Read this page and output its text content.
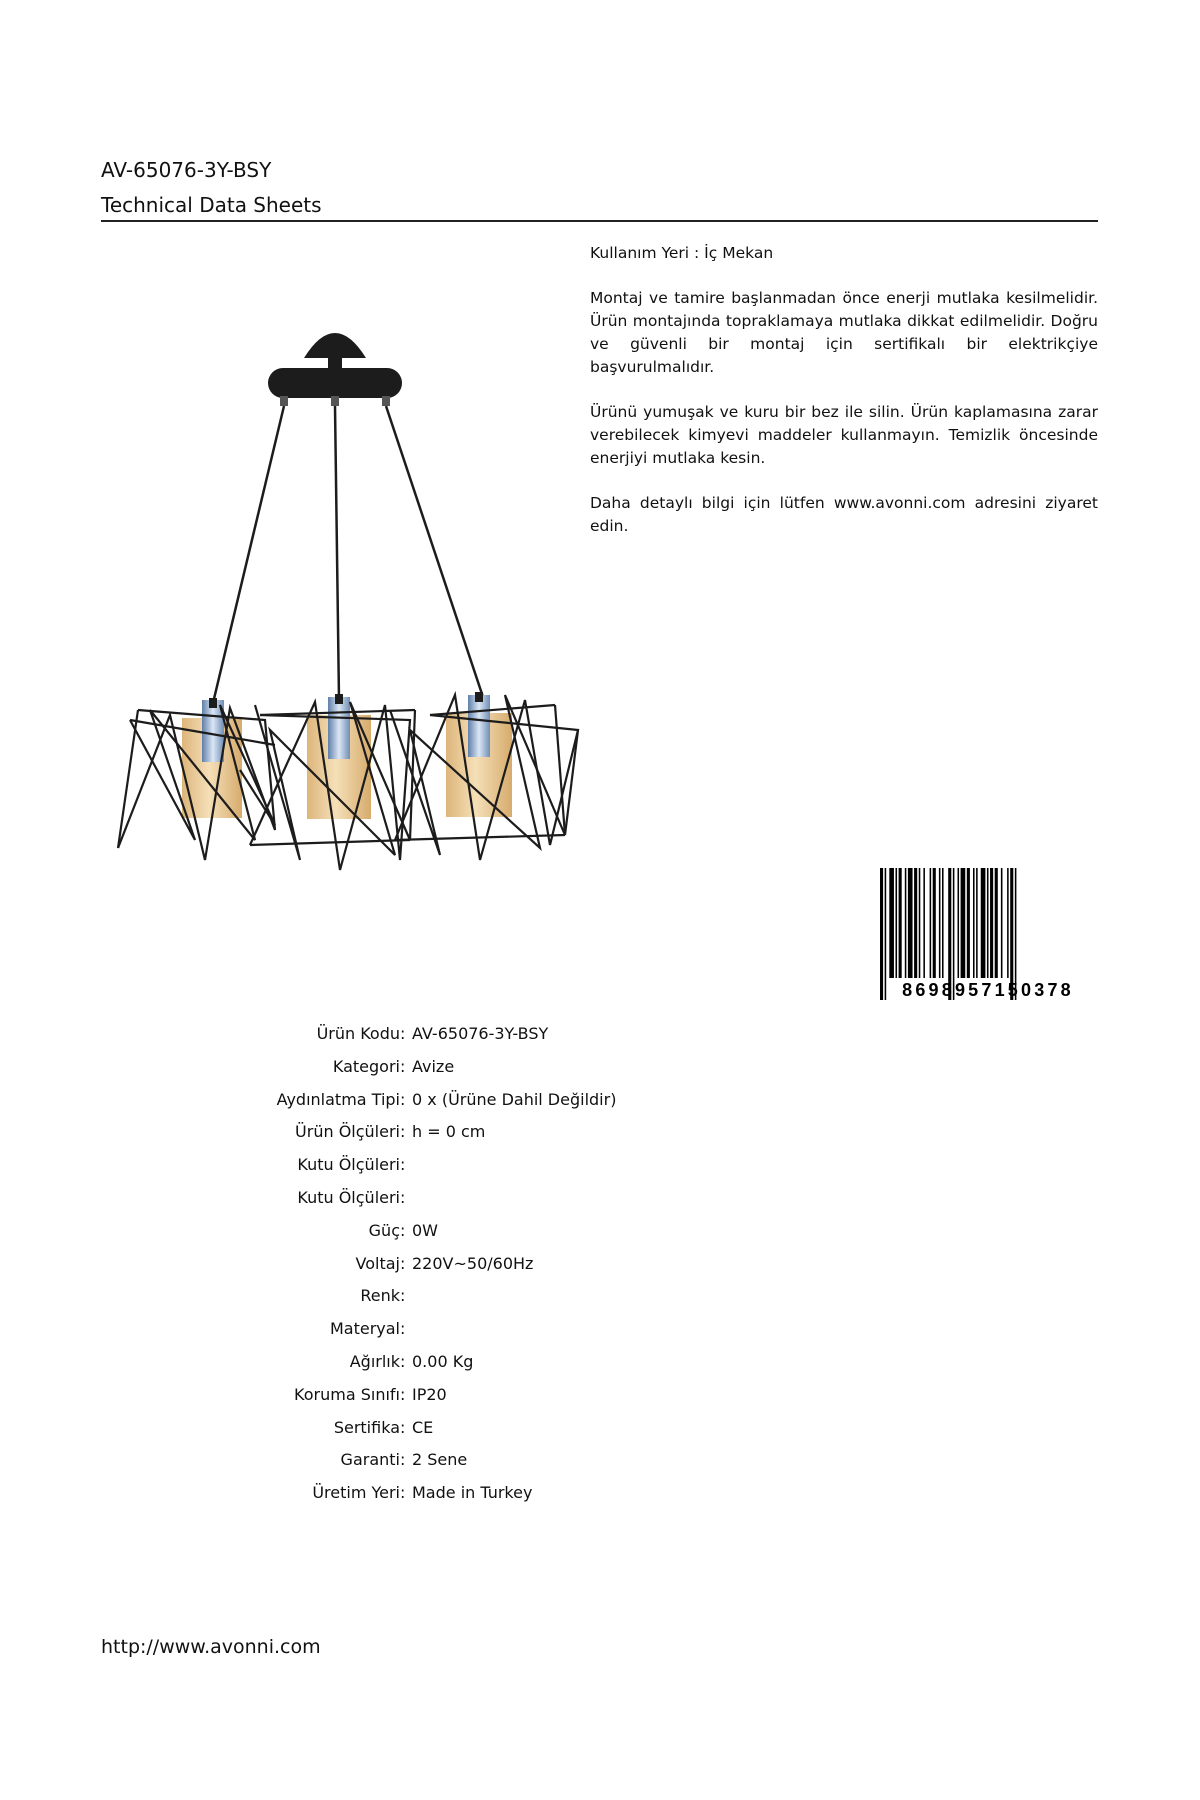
AV-65076-3Y-BSY
Technical Data Sheets

Kullanım Yeri : İç Mekan

Montaj ve tamire başlanmadan önce enerji mutlaka kesilmelidir. Ürün montajında topraklamaya mutlaka dikkat edilmelidir. Doğru ve güvenli bir montaj için sertifikalı bir elektrikçiye başvurulmalıdır.

Ürünü yumuşak ve kuru bir bez ile silin. Ürün kaplamasına zarar verebilecek kimyevi maddeler kullanmayın. Temizlik öncesinde enerjiyi mutlaka kesin.

Daha detaylı bilgi için lütfen www.avonni.com adresini ziyaret edin.

8698957150378
Ürün Kodu : AV-65076-3Y-BSY
Kategori : Avize
Aydınlatma Tipi : 0 x (Ürüne Dahil Değildir)
Ürün Ölçüleri : h = 0 cm
Kutu Ölçüleri :
Kutu Ölçüleri :
Güç : 0W
Voltaj : 220V~50/60Hz
Renk :
Materyal :
Ağırlık : 0.00 Kg
Koruma Sınıfı : IP20
Sertifika : CE
Garanti : 2 Sene
Üretim Yeri : Made in Turkey
http://www.avonni.com
